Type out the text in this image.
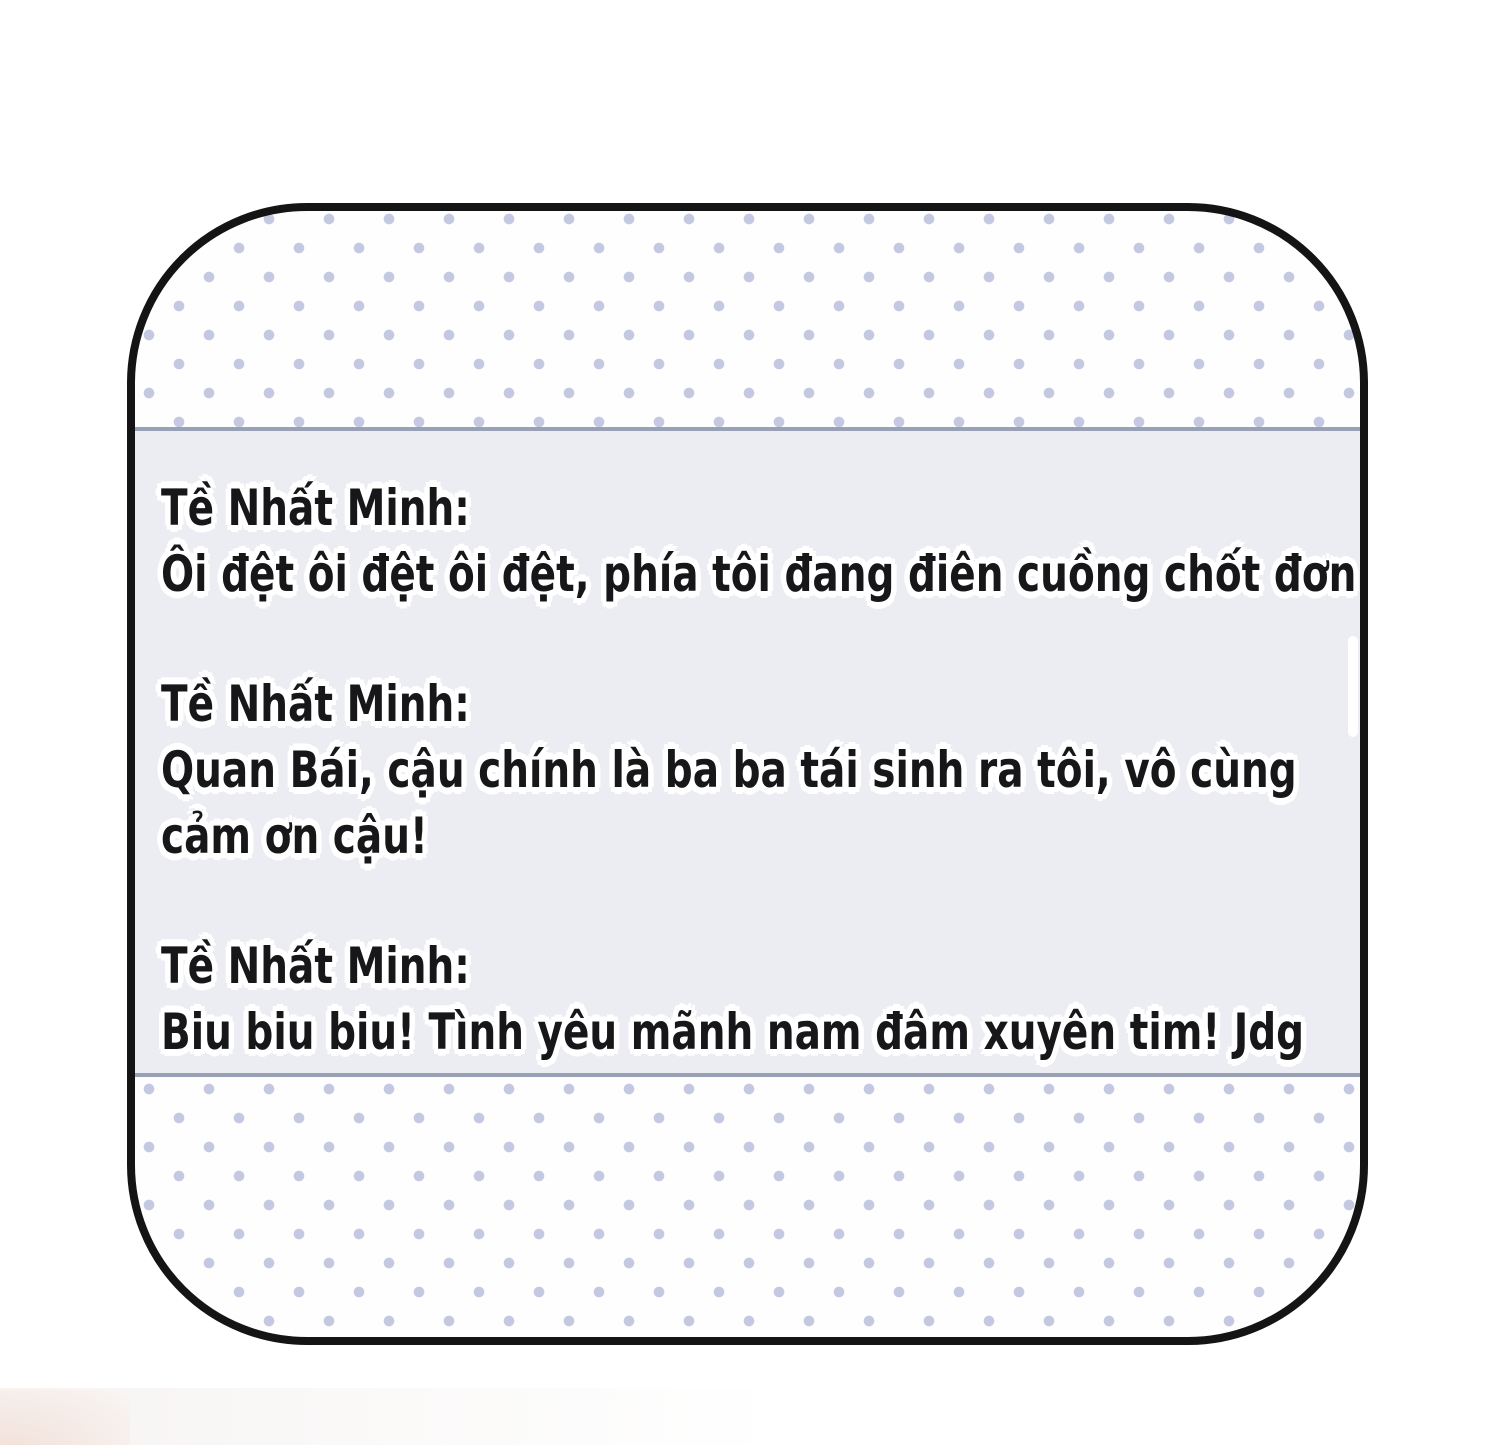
Tề Nhất Minh:
Ôi đệt ôi đệt ôi đệt, phía tôi đang điên cuồng chốt đơn
Tề Nhất Minh:
Quan Bái, cậu chính là ba ba tái sinh ra tôi, vô cùng
cảm ơn cậu!
Tề Nhất Minh:
Biu biu biu! Tình yêu mãnh nam đâm xuyên tim! Jdg
